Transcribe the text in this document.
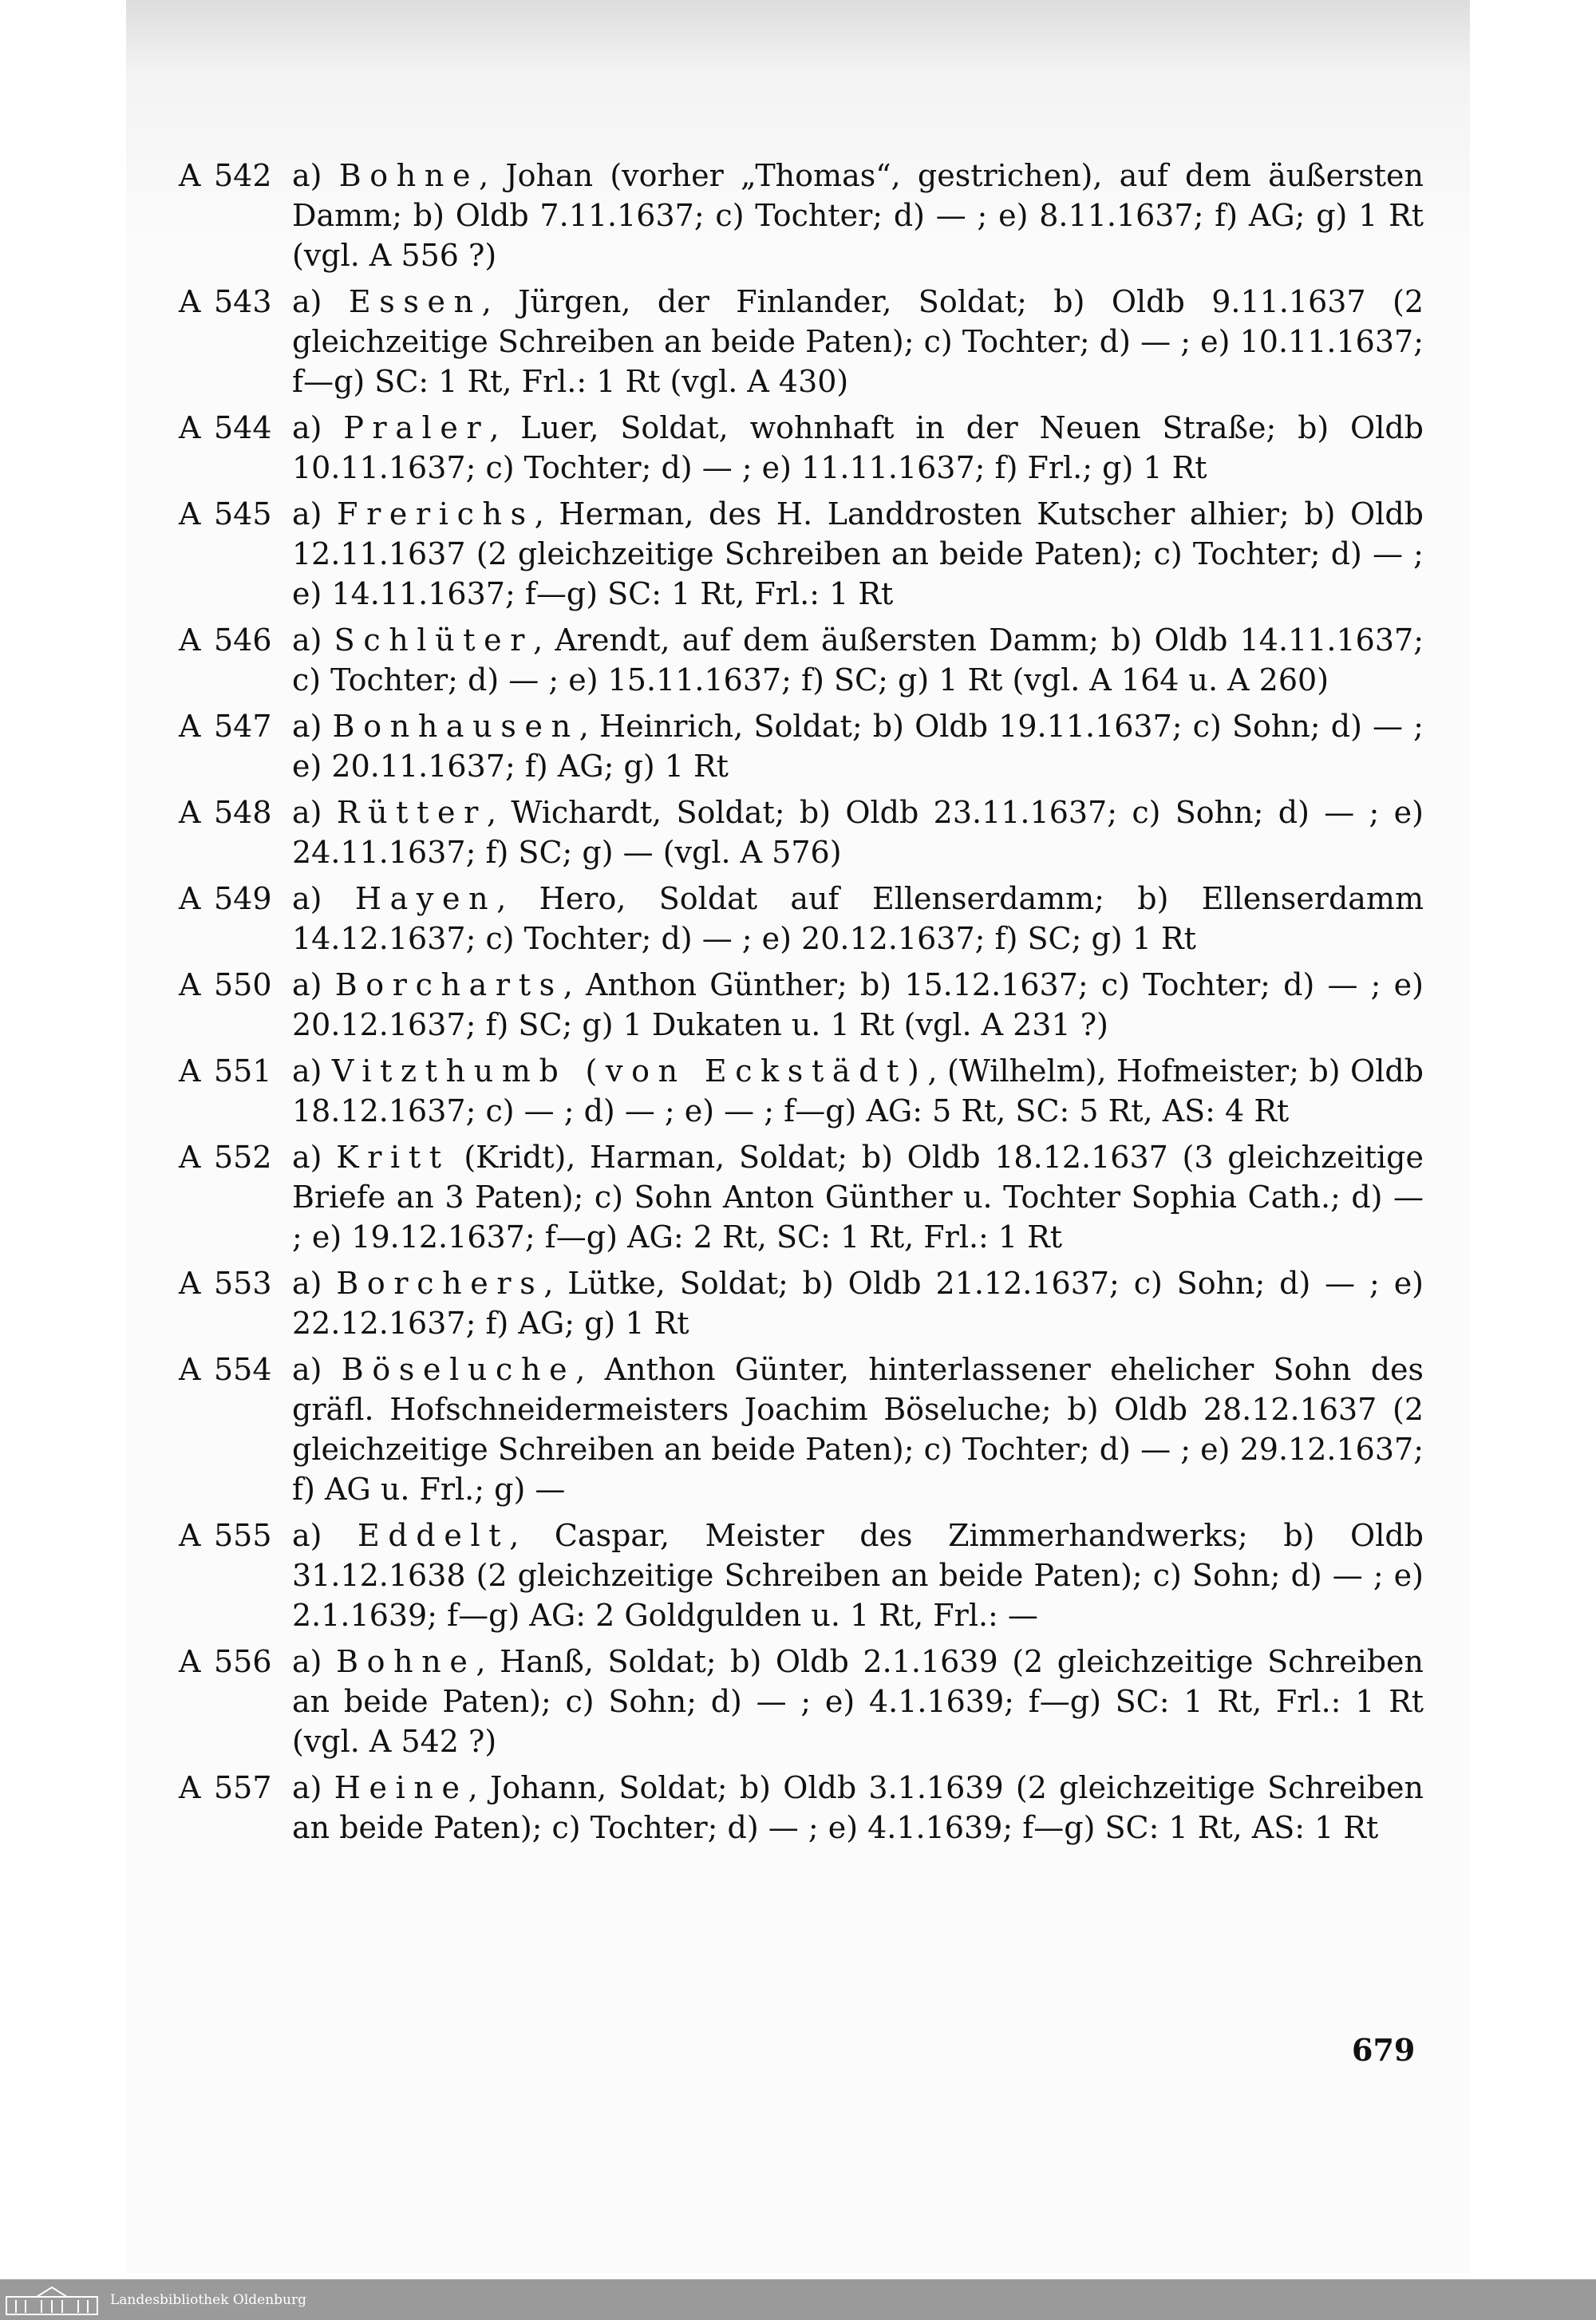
A 542 a) Bohne, Johan (vorher „Thomas“, gestrichen), auf dem äußersten Damm; b) Oldb 7.11.1637; c) Tochter; d) — ; e) 8.11.1637; f) AG; g) 1 Rt (vgl. A 556 ?)
A 543 a) Essen, Jürgen, der Finlander, Soldat; b) Oldb 9.11.1637 (2 gleichzeitige Schreiben an beide Paten); c) Tochter; d) — ; e) 10.11.1637; f—g) SC: 1 Rt, Frl.: 1 Rt (vgl. A 430)
A 544 a) Praler, Luer, Soldat, wohnhaft in der Neuen Straße; b) Oldb 10.11.1637; c) Tochter; d) — ; e) 11.11.1637; f) Frl.; g) 1 Rt
A 545 a) Frerichs, Herman, des H. Landdrosten Kutscher alhier; b) Oldb 12.11.1637 (2 gleichzeitige Schreiben an beide Paten); c) Tochter; d) — ; e) 14.11.1637; f—g) SC: 1 Rt, Frl.: 1 Rt
A 546 a) Schlüter, Arendt, auf dem äußersten Damm; b) Oldb 14.11.1637; c) Tochter; d) — ; e) 15.11.1637; f) SC; g) 1 Rt (vgl. A 164 u. A 260)
A 547 a) Bonhausen, Heinrich, Soldat; b) Oldb 19.11.1637; c) Sohn; d) — ; e) 20.11.1637; f) AG; g) 1 Rt
A 548 a) Rütter, Wichardt, Soldat; b) Oldb 23.11.1637; c) Sohn; d) — ; e) 24.11.1637; f) SC; g) — (vgl. A 576)
A 549 a) Hayen, Hero, Soldat auf Ellenserdamm; b) Ellenserdamm 14.12.1637; c) Tochter; d) — ; e) 20.12.1637; f) SC; g) 1 Rt
A 550 a) Borcharts, Anthon Günther; b) 15.12.1637; c) Tochter; d) — ; e) 20.12.1637; f) SC; g) 1 Dukaten u. 1 Rt (vgl. A 231 ?)
A 551 a) Vitzthumb (von Eckstädt), (Wilhelm), Hofmeister; b) Oldb 18.12.1637; c) — ; d) — ; e) — ; f—g) AG: 5 Rt, SC: 5 Rt, AS: 4 Rt
A 552 a) Kritt (Kridt), Harman, Soldat; b) Oldb 18.12.1637 (3 gleichzeitige Briefe an 3 Paten); c) Sohn Anton Günther u. Tochter Sophia Cath.; d) — ; e) 19.12.1637; f—g) AG: 2 Rt, SC: 1 Rt, Frl.: 1 Rt
A 553 a) Borchers, Lütke, Soldat; b) Oldb 21.12.1637; c) Sohn; d) — ; e) 22.12.1637; f) AG; g) 1 Rt
A 554 a) Böseluche, Anthon Günter, hinterlassener ehelicher Sohn des gräfl. Hofschneidermeisters Joachim Böseluche; b) Oldb 28.12.1637 (2 gleichzeitige Schreiben an beide Paten); c) Tochter; d) — ; e) 29.12.1637; f) AG u. Frl.; g) —
A 555 a) Eddelt, Caspar, Meister des Zimmerhandwerks; b) Oldb 31.12.1638 (2 gleichzeitige Schreiben an beide Paten); c) Sohn; d) — ; e) 2.1.1639; f—g) AG: 2 Goldgulden u. 1 Rt, Frl.: —
A 556 a) Bohne, Hanß, Soldat; b) Oldb 2.1.1639 (2 gleichzeitige Schreiben an beide Paten); c) Sohn; d) — ; e) 4.1.1639; f—g) SC: 1 Rt, Frl.: 1 Rt (vgl. A 542 ?)
A 557 a) Heine, Johann, Soldat; b) Oldb 3.1.1639 (2 gleichzeitige Schreiben an beide Paten); c) Tochter; d) — ; e) 4.1.1639; f—g) SC: 1 Rt, AS: 1 Rt
679
Landesbibliothek Oldenburg
